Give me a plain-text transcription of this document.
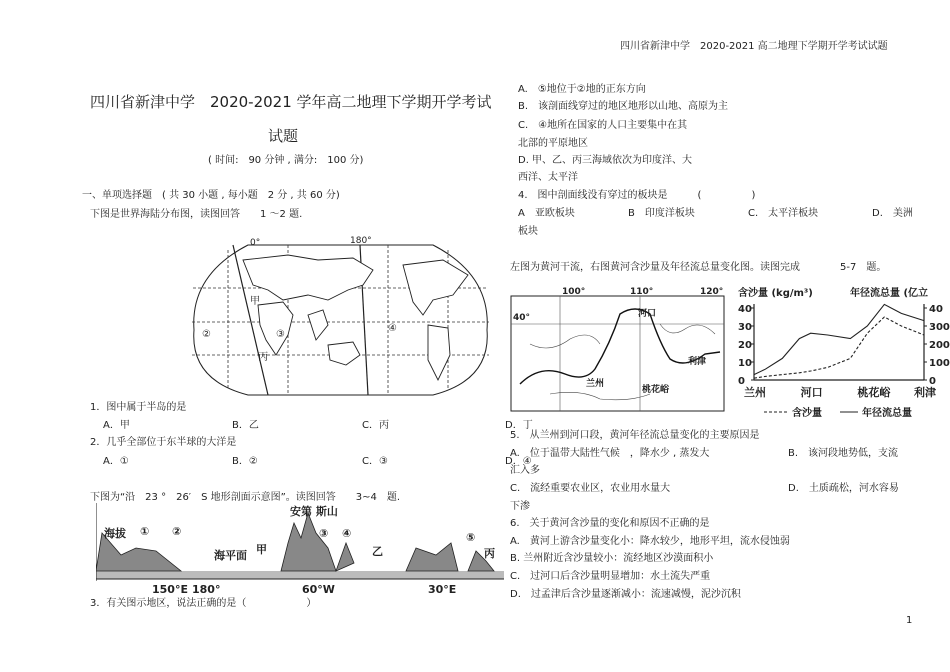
四川省新津中学　2020-2021 高二地理下学期开学考试试题
1
四川省新津中学　2020-2021 学年高二地理下学期开学考试
试题
( 时间:　90 分钟 , 满分:　100 分)
一、单项选择题　( 共 30 小题 , 每小题　2 分 , 共 60 分)
下图是世界海陆分布图，读图回答　　1 ～2 题.
0°	180°
甲
丙
②	③
④
1．图中属于半岛的是
A．甲	B．乙	C．丙	D．丁
2．几乎全部位于东半球的大洋是
A．①	B．②	C．③	D．④
下图为“沿　23 °　26′　S 地形剖面示意图”。读图回答　　3~4　题.
海拔 ① ②
海平面 甲
安第 斯山
③ ④
乙
⑤
丙
150°E 180°	60°W	30°E
3．有关图示地区，说法正确的是（　　　　　　）
A.　⑤地位于②地的正东方向
B.　该剖面线穿过的地区地形以山地、高原为主
C.　④地所在国家的人口主要集中在其
北部的平原地区
D. 甲、乙、丙三海域依次为印度洋、大
西洋、太平洋
4.　图中剖面线没有穿过的板块是　　　(　　　　　)
A　亚欧板块	B　印度洋板块	C.　太平洋板块	D.　美洲
板块
左图为黄河干流，右图黄河含沙量及年径流总量变化图。读图完成　　　　5-7　题。
100°	110°	120°
40°	河口
利津
兰州
桃花峪
含沙量 (kg/m³)	年径流总量 (亿立
0
10
20
30
40
0
100
200
300
40
兰州	河口	桃花峪 利津
含沙量	年径流总量
5.　从兰州到河口段，黄河年径流总量变化的主要原因是
A.　位于温带大陆性气候　，降水少 , 蒸发大	B.　该河段地势低，支流
汇入多
C.　流经重要农业区，农业用水量大	D.　土质疏松，河水容易
下渗
6.　关于黄河含沙量的变化和原因不正确的是
A.　黄河上游含沙量变化小：降水较少，地形平坦，流水侵蚀弱
B. 兰州附近含沙量较小：流经地区沙漠面积小
C.　过河口后含沙量明显增加：水土流失严重
D.　过孟津后含沙量逐渐减小：流速减慢，泥沙沉积
